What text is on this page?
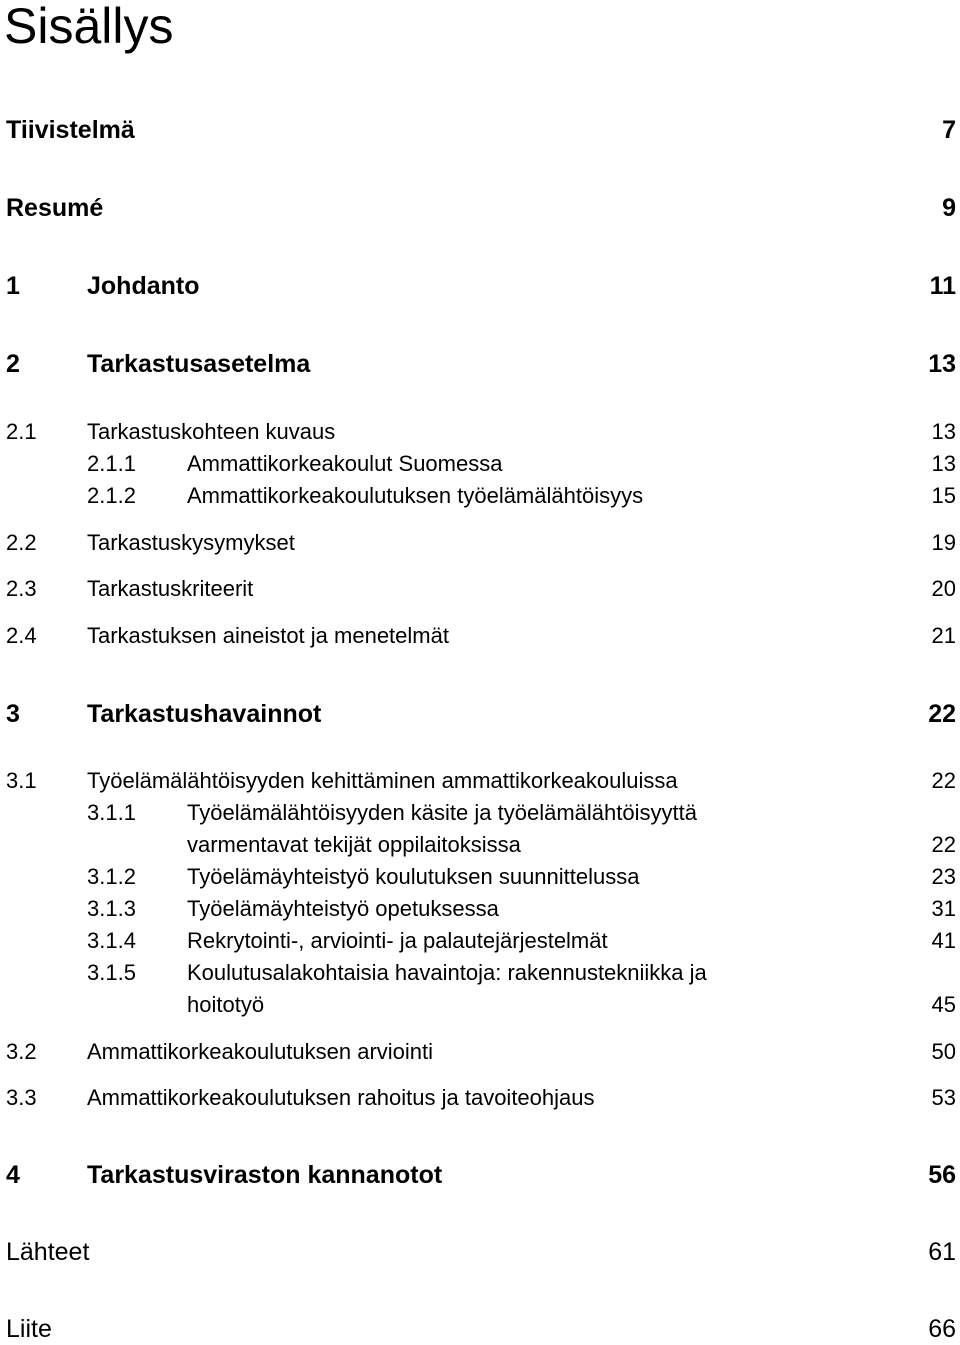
Sisällys
Tiivistelmä	7
Resumé	9
1	Johdanto	11
2	Tarkastusasetelma	13
2.1 Tarkastuskohteen kuvaus	13
2.1.1 Ammattikorkeakoulut Suomessa	13
2.1.2 Ammattikorkeakoulutuksen työelämälähtöisyys	15
2.2 Tarkastuskysymykset	19
2.3 Tarkastuskriteerit	20
2.4 Tarkastuksen aineistot ja menetelmät	21
3	Tarkastushavainnot	22
3.1 Työelämälähtöisyyden kehittäminen ammattikorkeakouluissa	22
3.1.1 Työelämälähtöisyyden käsite ja työelämälähtöisyyttä
varmentavat tekijät oppilaitoksissa	22
3.1.2 Työelämäyhteistyö koulutuksen suunnittelussa	23
3.1.3 Työelämäyhteistyö opetuksessa	31
3.1.4 Rekrytointi-, arviointi- ja palautejärjestelmät	41
3.1.5 Koulutusalakohtaisia havaintoja: rakennustekniikka ja
hoitotyö	45
3.2 Ammattikorkeakoulutuksen arviointi	50
3.3 Ammattikorkeakoulutuksen rahoitus ja tavoiteohjaus	53
4	Tarkastusviraston kannanotot	56
Lähteet	61
Liite	66
